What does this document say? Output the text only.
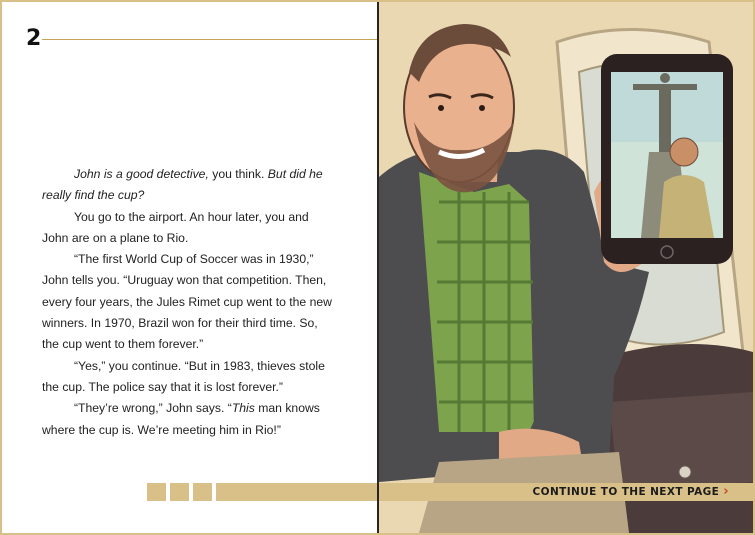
2

John is a good detective, you think. But did he really find the cup?

You go to the airport. An hour later, you and John are on a plane to Rio.

“The first World Cup of Soccer was in 1930,” John tells you. “Uruguay won that competition. Then, every four years, the Jules Rimet cup went to the new winners. In 1970, Brazil won for their third time. So, the cup went to them forever.”

“Yes,” you continue. “But in 1983, thieves stole the cup. The police say that it is lost forever.”

“They’re wrong,” John says. “This man knows where the cup is. We’re meeting him in Rio!”

CONTINUE TO THE NEXT PAGE ›
